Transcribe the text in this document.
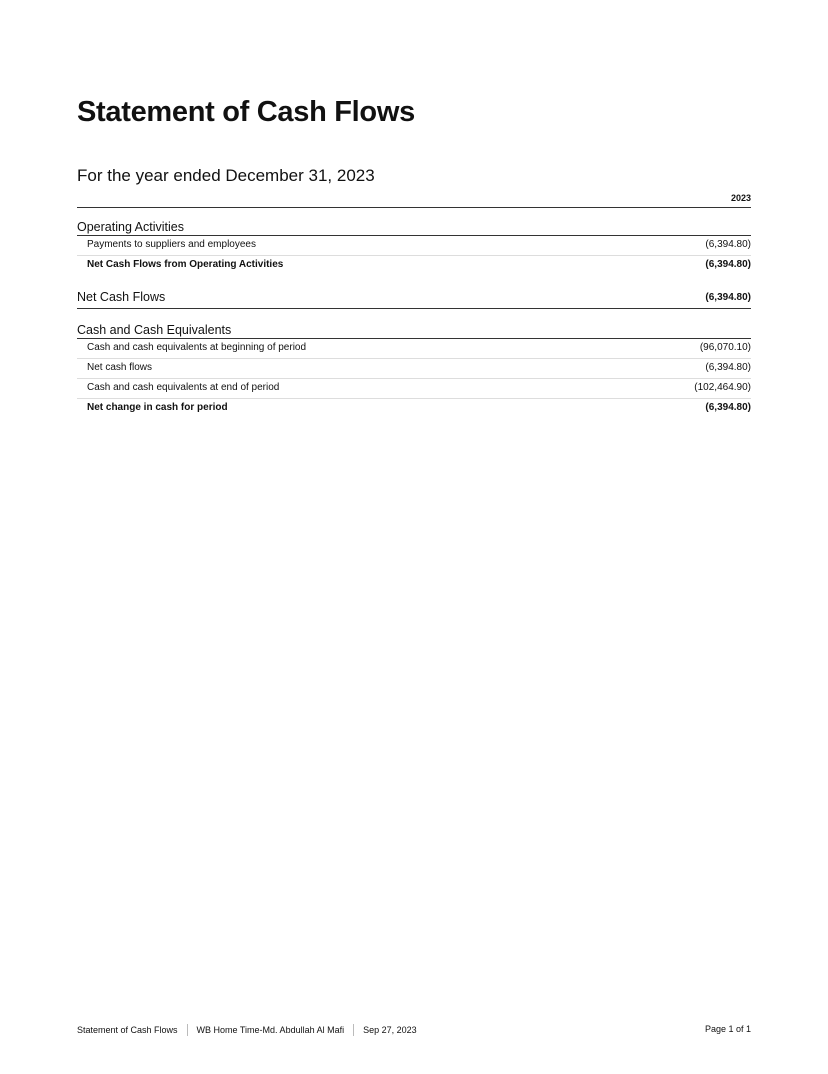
Statement of Cash Flows
For the year ended December 31, 2023
2023
Operating Activities
Payments to suppliers and employees	(6,394.80)
Net Cash Flows from Operating Activities	(6,394.80)
Net Cash Flows	(6,394.80)
Cash and Cash Equivalents
Cash and cash equivalents at beginning of period	(96,070.10)
Net cash flows	(6,394.80)
Cash and cash equivalents at end of period	(102,464.90)
Net change in cash for period	(6,394.80)
Statement of Cash Flows WB Home Time-Md. Abdullah Al Mafi Sep 27, 2023	Page 1 of 1
